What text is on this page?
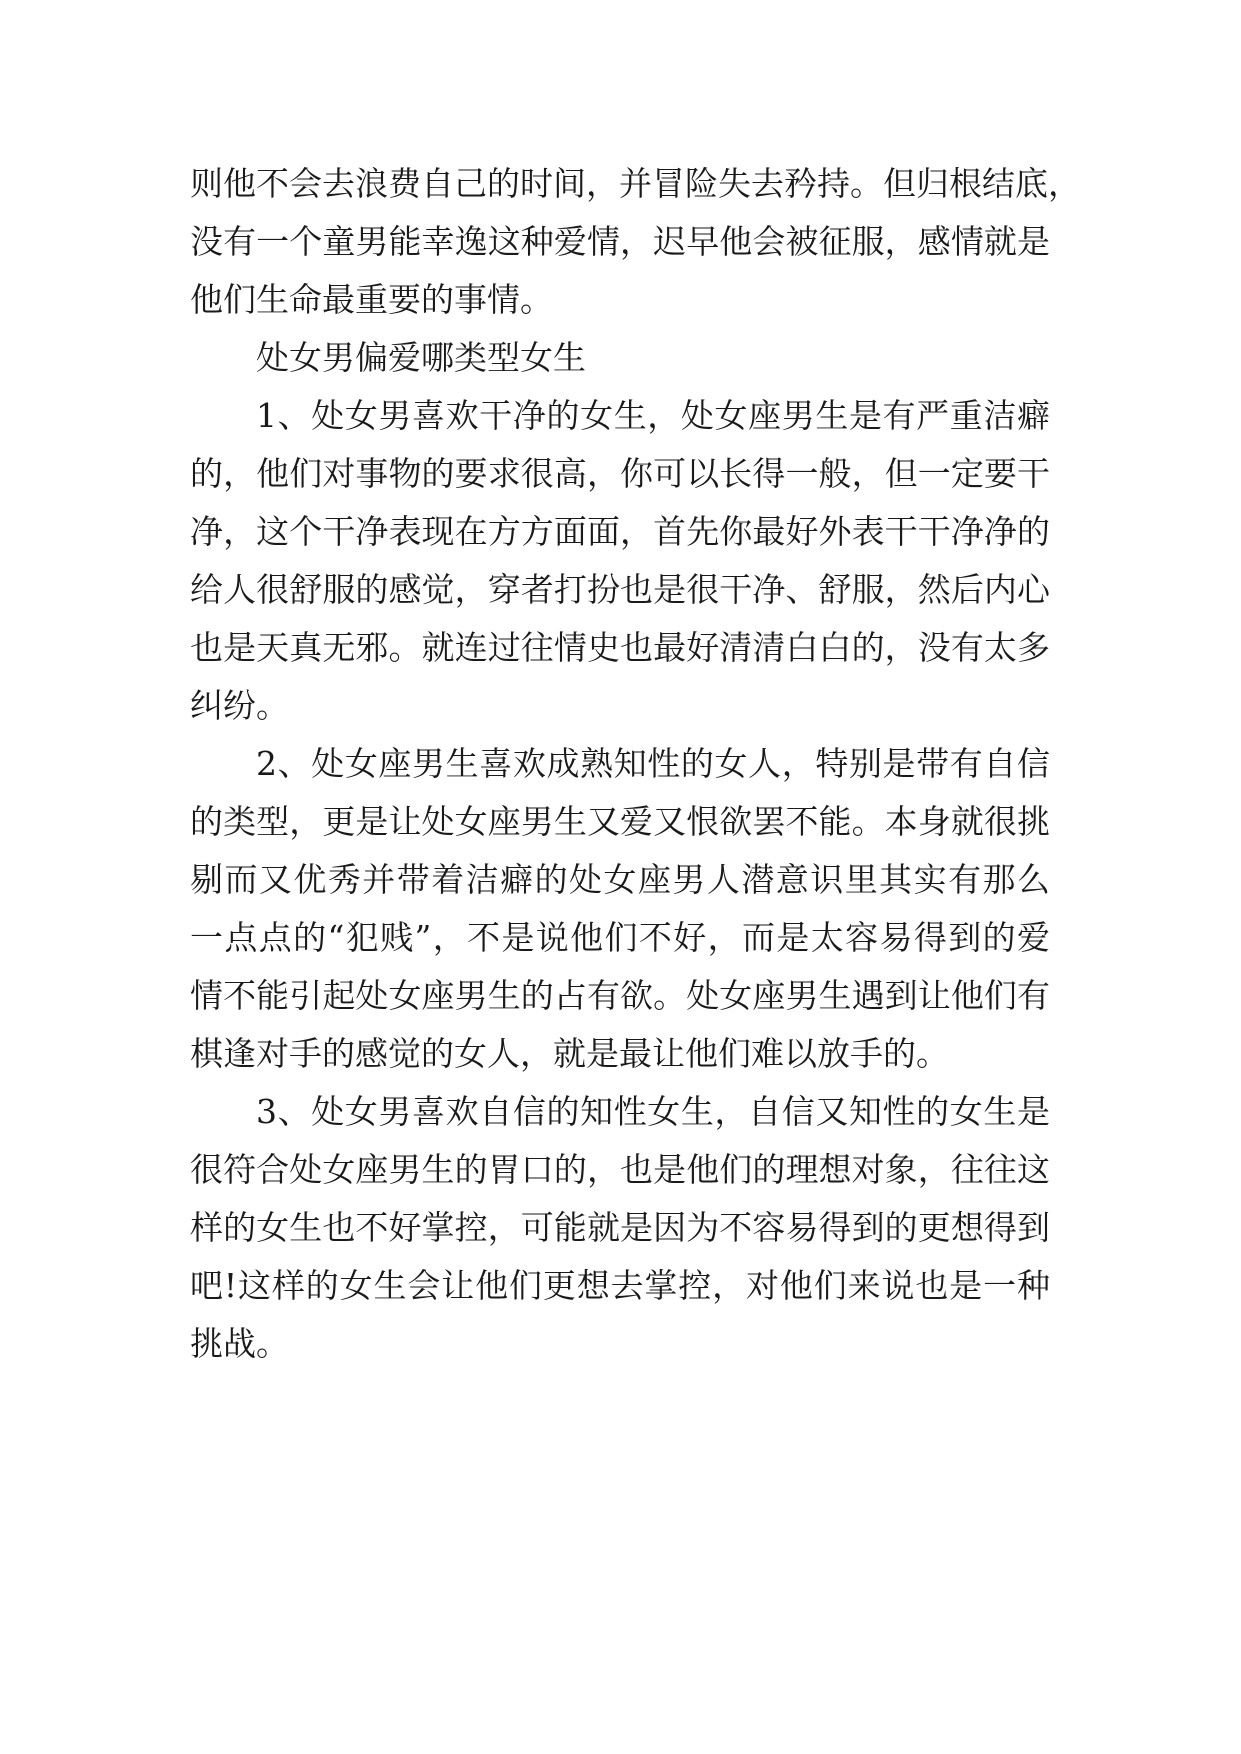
则他不会去浪费自己的时间，并冒险失去矜持。但归根结底，
没有一个童男能幸逸这种爱情，迟早他会被征服，感情就是
他们生命最重要的事情。
处女男偏爱哪类型女生
1、处女男喜欢干净的女生，处女座男生是有严重洁癖
的，他们对事物的要求很高，你可以长得一般，但一定要干
净，这个干净表现在方方面面，首先你最好外表干干净净的
给人很舒服的感觉，穿者打扮也是很干净、舒服，然后内心
也是天真无邪。就连过往情史也最好清清白白的，没有太多
纠纷。
2、处女座男生喜欢成熟知性的女人，特别是带有自信
的类型，更是让处女座男生又爱又恨欲罢不能。本身就很挑
剔而又优秀并带着洁癖的处女座男人潜意识里其实有那么
一点点的“犯贱”，不是说他们不好，而是太容易得到的爱
情不能引起处女座男生的占有欲。处女座男生遇到让他们有
棋逢对手的感觉的女人，就是最让他们难以放手的。
3、处女男喜欢自信的知性女生，自信又知性的女生是
很符合处女座男生的胃口的，也是他们的理想对象，往往这
样的女生也不好掌控，可能就是因为不容易得到的更想得到
吧!这样的女生会让他们更想去掌控，对他们来说也是一种
挑战。
